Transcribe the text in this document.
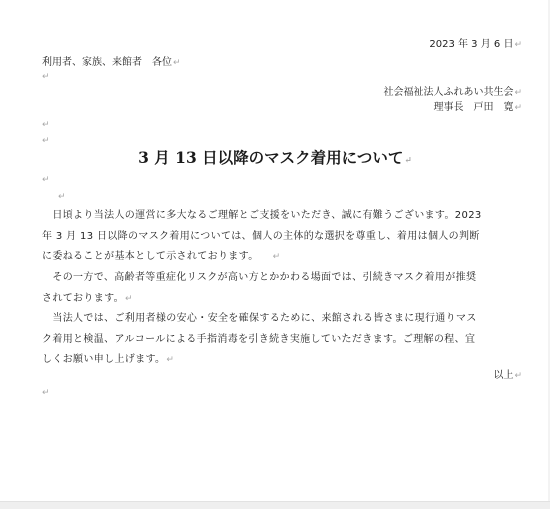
2023 年 3 月 6 日↵
利用者、家族、来館者　各位↵
↵
社会福祉法人ふれあい共生会↵
理事長　戸田　寛↵
↵
↵
3 月 13 日以降のマスク着用について↵
↵
↵
　日頃より当法人の運営に多大なるご理解とご支援をいただき、誠に有難うございます。2023
年 3 月 13 日以降のマスク着用については、個人の主体的な選択を尊重し、着用は個人の判断
に委ねることが基本として示されております。 ↵
　その一方で、高齢者等重症化リスクが高い方とかかわる場面では、引続きマスク着用が推奨
されております。↵
　当法人では、ご利用者様の安心・安全を確保するために、来館される皆さまに現行通りマス
ク着用と検温、アルコールによる手指消毒を引き続き実施していただきます。ご理解の程、宜
しくお願い申し上げます。↵
以上↵
↵
